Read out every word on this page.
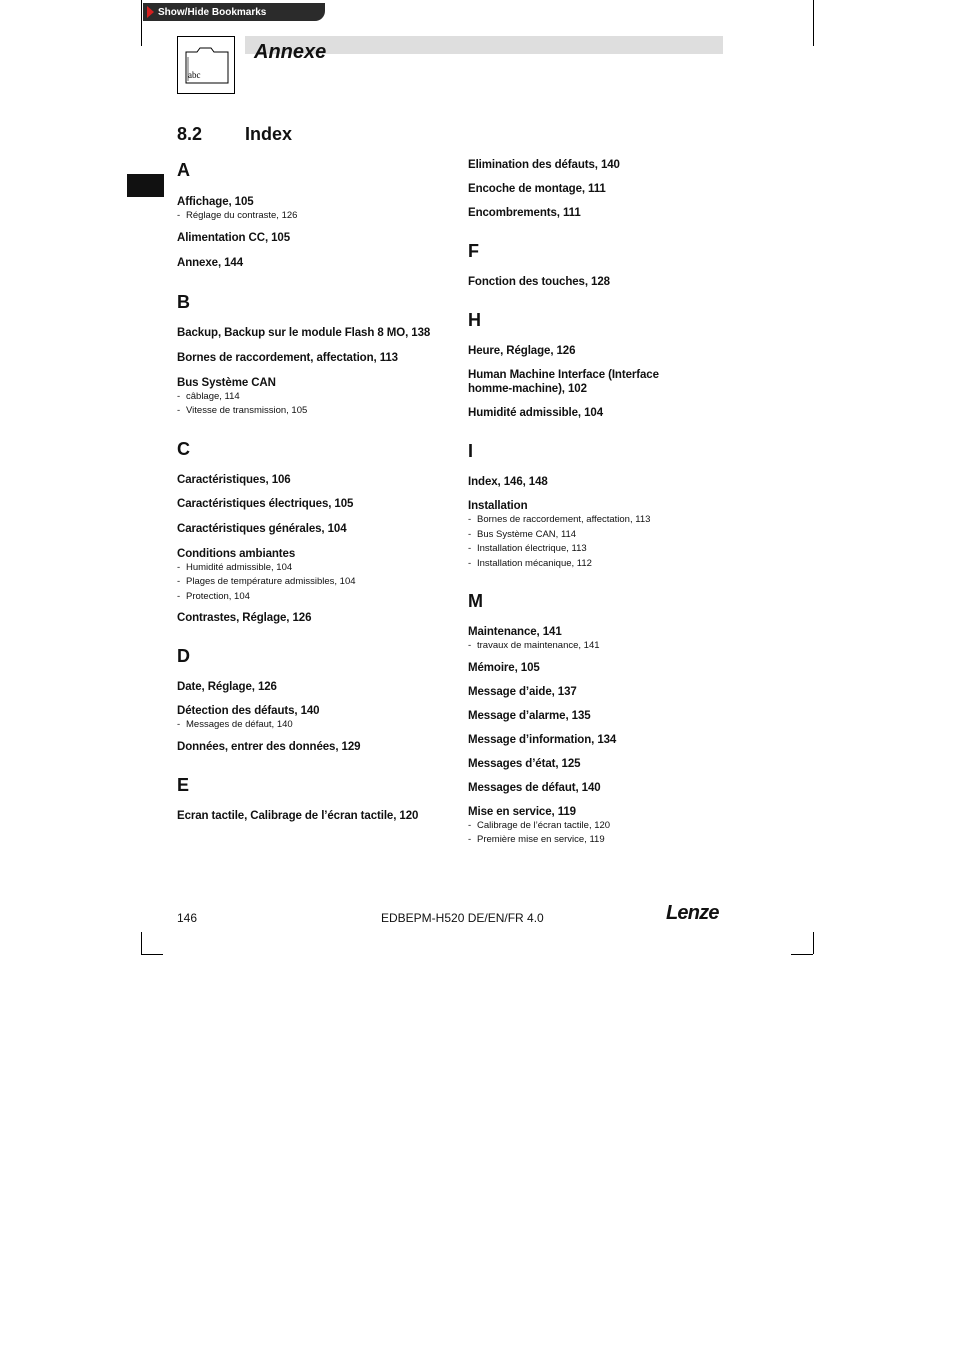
Show/Hide Bookmarks
abc
Annexe
8.2 Index
A
Affichage, 105
- Réglage du contraste, 126
Alimentation CC, 105
Annexe, 144
B
Backup, Backup sur le module Flash 8 MO, 138
Bornes de raccordement, affectation, 113
Bus Système CAN
- câblage, 114
- Vitesse de transmission, 105
C
Caractéristiques, 106
Caractéristiques électriques, 105
Caractéristiques générales, 104
Conditions ambiantes
- Humidité admissible, 104
- Plages de température admissibles, 104
- Protection, 104
Contrastes, Réglage, 126
D
Date, Réglage, 126
Détection des défauts, 140
- Messages de défaut, 140
Données, entrer des données, 129
E
Ecran tactile, Calibrage de l’écran tactile, 120
Elimination des défauts, 140
Encoche de montage, 111
Encombrements, 111
F
Fonction des touches, 128
H
Heure, Réglage, 126
Human Machine Interface (Interface homme-machine), 102
Humidité admissible, 104
I
Index, 146, 148
Installation
- Bornes de raccordement, affectation, 113
- Bus Système CAN, 114
- Installation électrique, 113
- Installation mécanique, 112
M
Maintenance, 141
- travaux de maintenance, 141
Mémoire, 105
Message d’aide, 137
Message d’alarme, 135
Message d’information, 134
Messages d’état, 125
Messages de défaut, 140
Mise en service, 119
- Calibrage de l’écran tactile, 120
- Première mise en service, 119
146	EDBEPM-H520 DE/EN/FR 4.0	Lenze
